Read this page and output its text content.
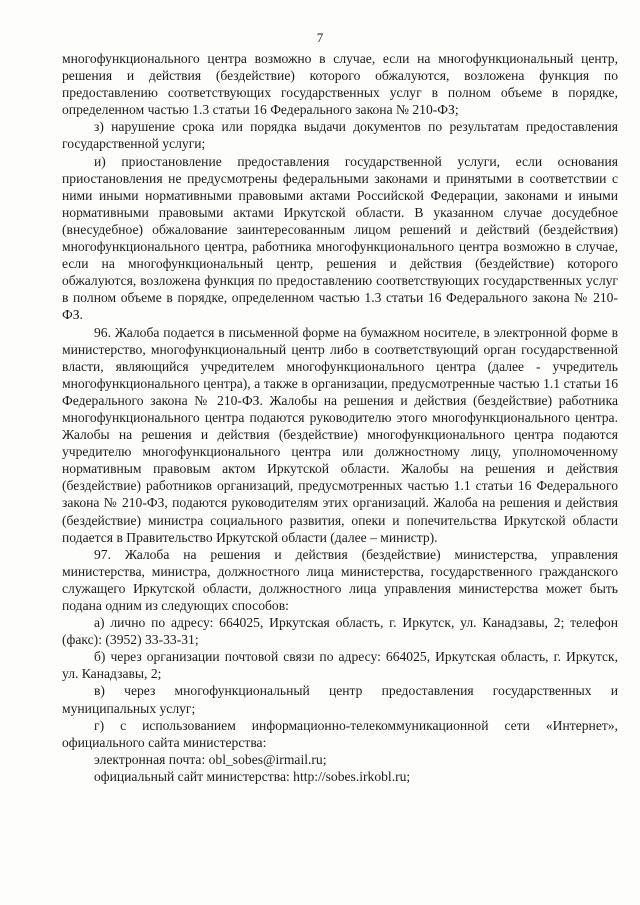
7

многофункционального центра возможно в случае, если на многофункциональный центр, решения и действия (бездействие) которого обжалуются, возложена функция по предоставлению соответствующих государственных услуг в полном объеме в порядке, определенном частью 1.3 статьи 16 Федерального закона № 210-ФЗ;

з) нарушение срока или порядка выдачи документов по результатам предоставления государственной услуги;

и) приостановление предоставления государственной услуги, если основания приостановления не предусмотрены федеральными законами и принятыми в соответствии с ними иными нормативными правовыми актами Российской Федерации, законами и иными нормативными правовыми актами Иркутской области. В указанном случае досудебное (внесудебное) обжалование заинтересованным лицом решений и действий (бездействия) многофункционального центра, работника многофункционального центра возможно в случае, если на многофункциональный центр, решения и действия (бездействие) которого обжалуются, возложена функция по предоставлению соответствующих государственных услуг в полном объеме в порядке, определенном частью 1.3 статьи 16 Федерального закона № 210-ФЗ.

96. Жалоба подается в письменной форме на бумажном носителе, в электронной форме в министерство, многофункциональный центр либо в соответствующий орган государственной власти, являющийся учредителем многофункционального центра (далее - учредитель многофункционального центра), а также в организации, предусмотренные частью 1.1 статьи 16 Федерального закона № 210-ФЗ. Жалобы на решения и действия (бездействие) работника многофункционального центра подаются руководителю этого многофункционального центра. Жалобы на решения и действия (бездействие) многофункционального центра подаются учредителю многофункционального центра или должностному лицу, уполномоченному нормативным правовым актом Иркутской области. Жалобы на решения и действия (бездействие) работников организаций, предусмотренных частью 1.1 статьи 16 Федерального закона № 210-ФЗ, подаются руководителям этих организаций. Жалоба на решения и действия (бездействие) министра социального развития, опеки и попечительства Иркутской области подается в Правительство Иркутской области (далее – министр).

97. Жалоба на решения и действия (бездействие) министерства, управления министерства, министра, должностного лица министерства, государственного гражданского служащего Иркутской области, должностного лица управления министерства может быть подана одним из следующих способов:

а) лично по адресу: 664025, Иркутская область, г. Иркутск, ул. Канадзавы, 2; телефон (факс): (3952) 33-33-31;

б) через организации почтовой связи по адресу: 664025, Иркутская область, г. Иркутск, ул. Канадзавы, 2;

в) через многофункциональный центр предоставления государственных и муниципальных услуг;

г) с использованием информационно-телекоммуникационной сети «Интернет», официального сайта министерства:

электронная почта: obl_sobes@irmail.ru;

официальный сайт министерства: http://sobes.irkobl.ru;
